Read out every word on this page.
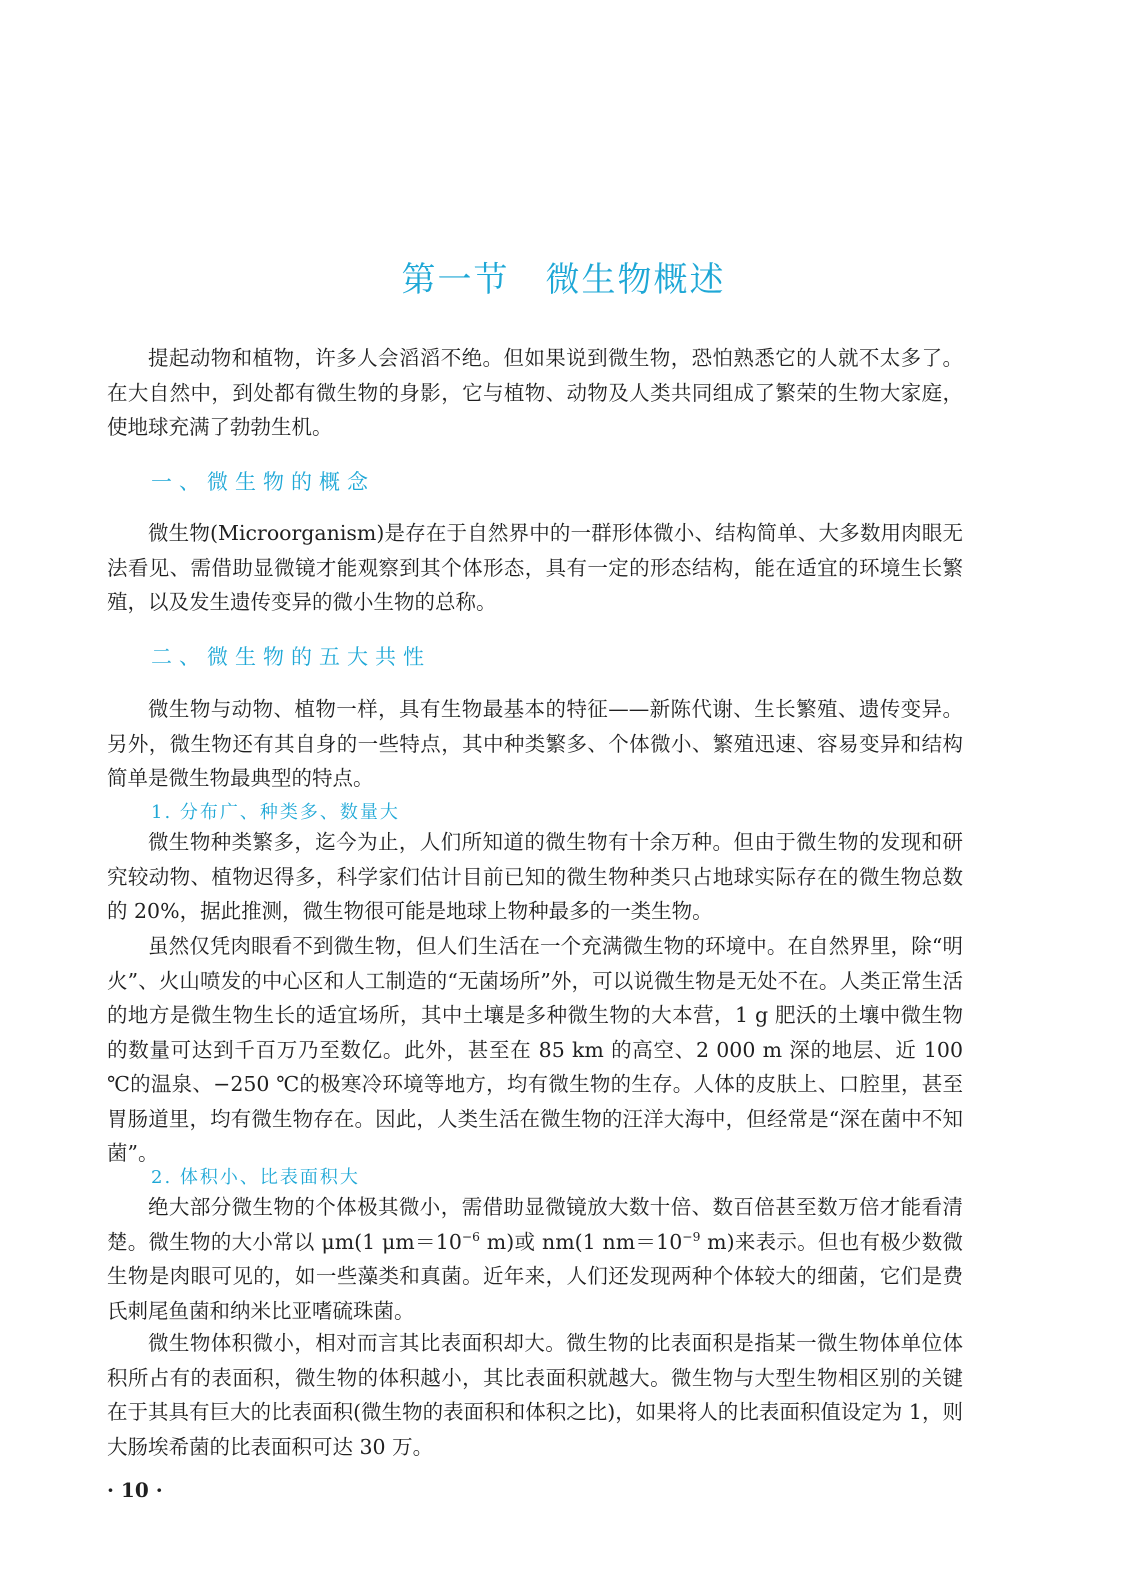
第一节　微生物概述

提起动物和植物，许多人会滔滔不绝。但如果说到微生物，恐怕熟悉它的人就不太多了。在大自然中，到处都有微生物的身影，它与植物、动物及人类共同组成了繁荣的生物大家庭，使地球充满了勃勃生机。

一、微生物的概念

微生物(Microorganism)是存在于自然界中的一群形体微小、结构简单、大多数用肉眼无法看见、需借助显微镜才能观察到其个体形态，具有一定的形态结构，能在适宜的环境生长繁殖，以及发生遗传变异的微小生物的总称。

二、微生物的五大共性

微生物与动物、植物一样，具有生物最基本的特征——新陈代谢、生长繁殖、遗传变异。另外，微生物还有其自身的一些特点，其中种类繁多、个体微小、繁殖迅速、容易变异和结构简单是微生物最典型的特点。

1. 分布广、种类多、数量大

微生物种类繁多，迄今为止，人们所知道的微生物有十余万种。但由于微生物的发现和研究较动物、植物迟得多，科学家们估计目前已知的微生物种类只占地球实际存在的微生物总数的 20%，据此推测，微生物很可能是地球上物种最多的一类生物。

虽然仅凭肉眼看不到微生物，但人们生活在一个充满微生物的环境中。在自然界里，除“明火”、火山喷发的中心区和人工制造的“无菌场所”外，可以说微生物是无处不在。人类正常生活的地方是微生物生长的适宜场所，其中土壤是多种微生物的大本营，1 g 肥沃的土壤中微生物的数量可达到千百万乃至数亿。此外，甚至在 85 km 的高空、2 000 m 深的地层、近 100 ℃的温泉、−250 ℃的极寒冷环境等地方，均有微生物的生存。人体的皮肤上、口腔里，甚至胃肠道里，均有微生物存在。因此，人类生活在微生物的汪洋大海中，但经常是“深在菌中不知菌”。

2. 体积小、比表面积大

绝大部分微生物的个体极其微小，需借助显微镜放大数十倍、数百倍甚至数万倍才能看清楚。微生物的大小常以 μm(1 $\mu m=10^{-6}$ m)或 nm(1 $nm=10^{-9}$ m)来表示。但也有极少数微生物是肉眼可见的，如一些藻类和真菌。近年来，人们还发现两种个体较大的细菌，它们是费氏刺尾鱼菌和纳米比亚嗜硫珠菌。

微生物体积微小，相对而言其比表面积却大。微生物的比表面积是指某一微生物体单位体积所占有的表面积，微生物的体积越小，其比表面积就越大。微生物与大型生物相区别的关键在于其具有巨大的比表面积(微生物的表面积和体积之比)，如果将人的比表面积值设定为 1，则大肠埃希菌的比表面积可达 30 万。

· 10 ·
